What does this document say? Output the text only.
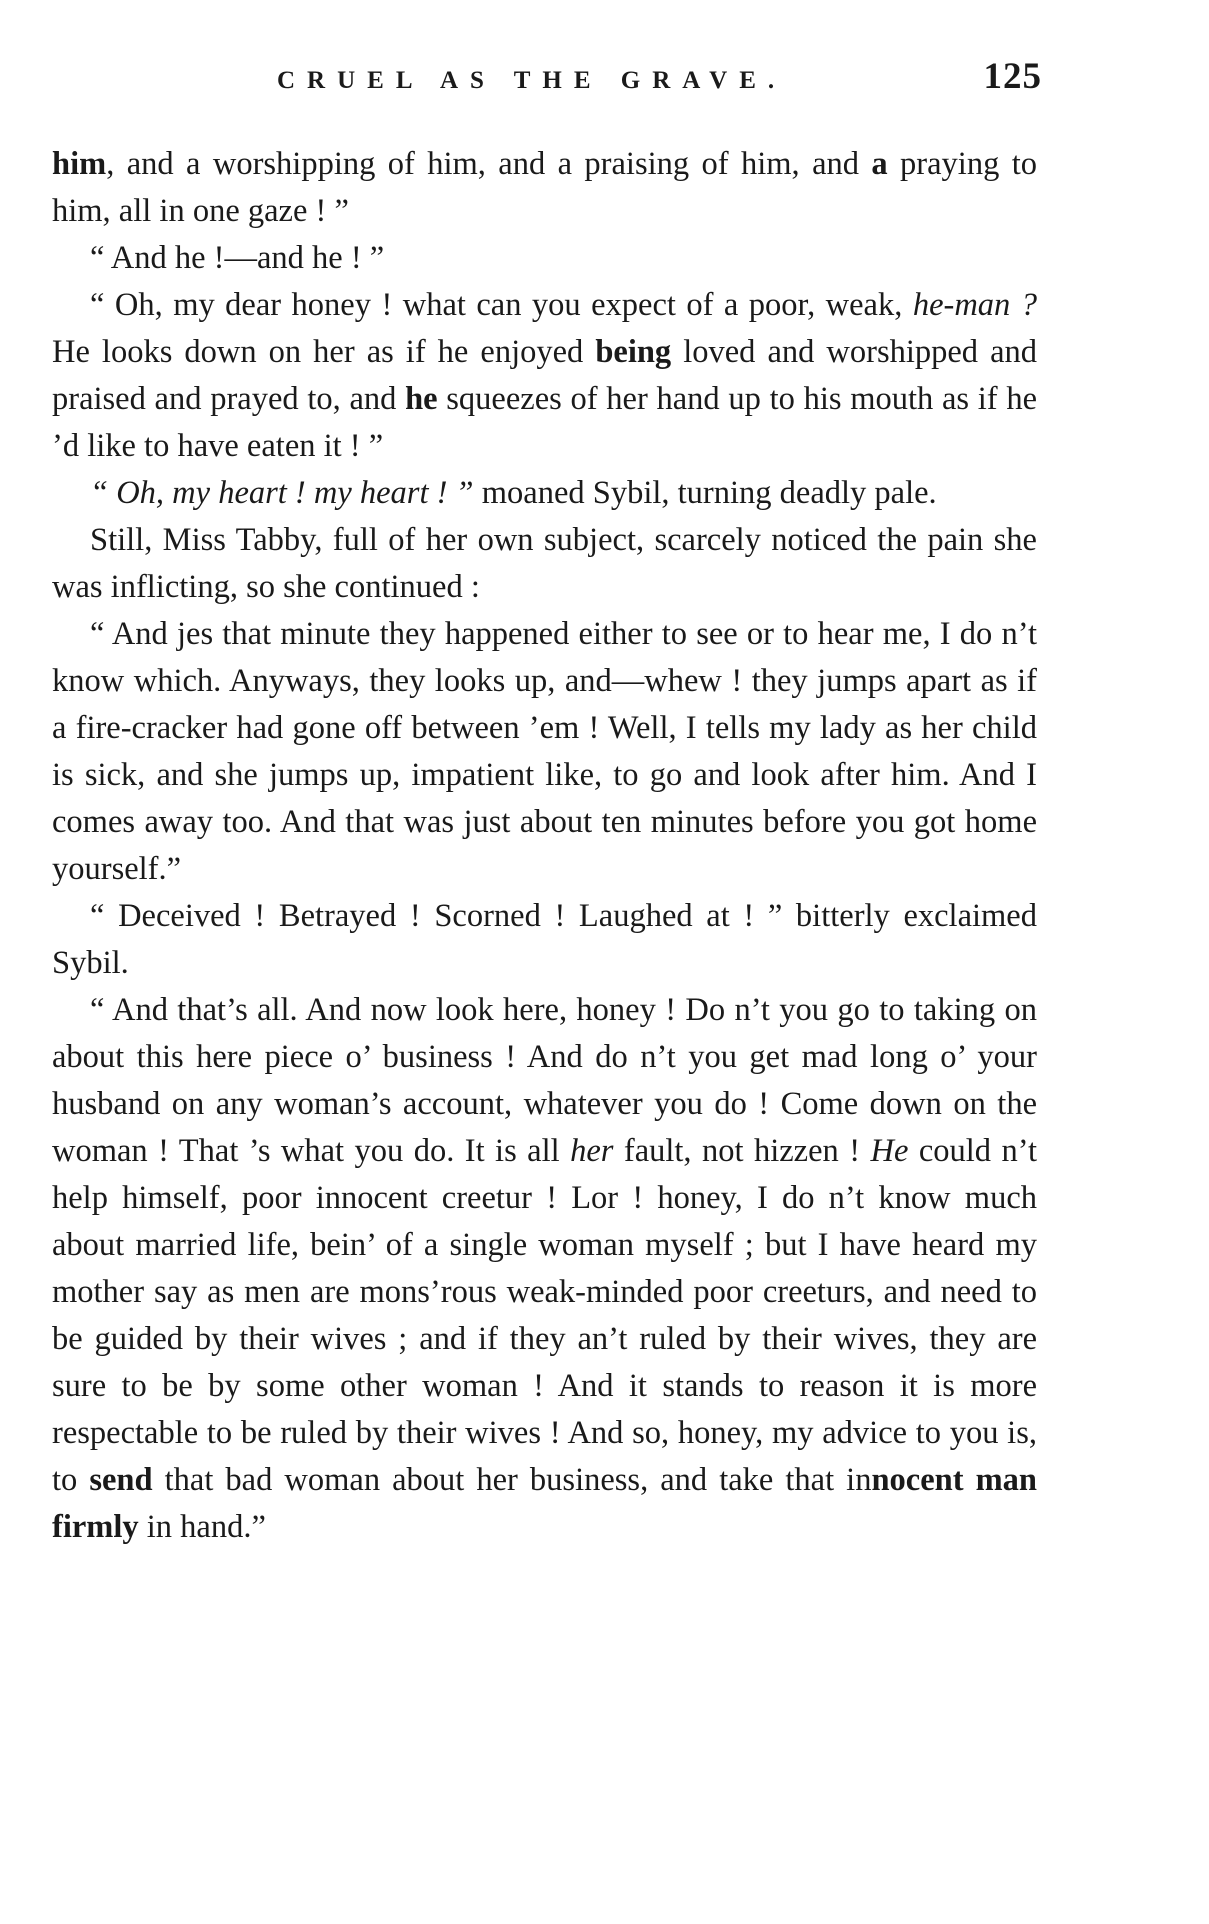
CRUEL AS THE GRAVE.	125

him, and a worshipping of him, and a praising of him, and a praying to him, all in one gaze ! ”

“ And he !—and he ! ”

“ Oh, my dear honey ! what can you expect of a poor, weak, he-man ? He looks down on her as if he enjoyed being loved and worshipped and praised and prayed to, and he squeezes of her hand up to his mouth as if he ’d like to have eaten it ! ”

“ Oh, my heart ! my heart ! ” moaned Sybil, turning deadly pale.

Still, Miss Tabby, full of her own subject, scarcely noticed the pain she was inflicting, so she continued :

“ And jes that minute they happened either to see or to hear me, I do n’t know which. Anyways, they looks up, and—whew ! they jumps apart as if a fire-cracker had gone off between ’em ! Well, I tells my lady as her child is sick, and she jumps up, impatient like, to go and look after him. And I comes away too. And that was just about ten minutes before you got home yourself.”

“ Deceived ! Betrayed ! Scorned ! Laughed at ! ” bitterly exclaimed Sybil.

“ And that’s all. And now look here, honey ! Do n’t you go to taking on about this here piece o’ business ! And do n’t you get mad long o’ your husband on any woman’s account, whatever you do ! Come down on the woman ! That ’s what you do. It is all her fault, not hizzen ! He could n’t help himself, poor innocent creetur ! Lor ! honey, I do n’t know much about married life, bein’ of a single woman myself ; but I have heard my mother say as men are mons’rous weak-minded poor creeturs, and need to be guided by their wives ; and if they an’t ruled by their wives, they are sure to be by some other woman ! And it stands to reason it is more respectable to be ruled by their wives ! And so, honey, my advice to you is, to send that bad woman about her business, and take that innocent man firmly in hand.”
